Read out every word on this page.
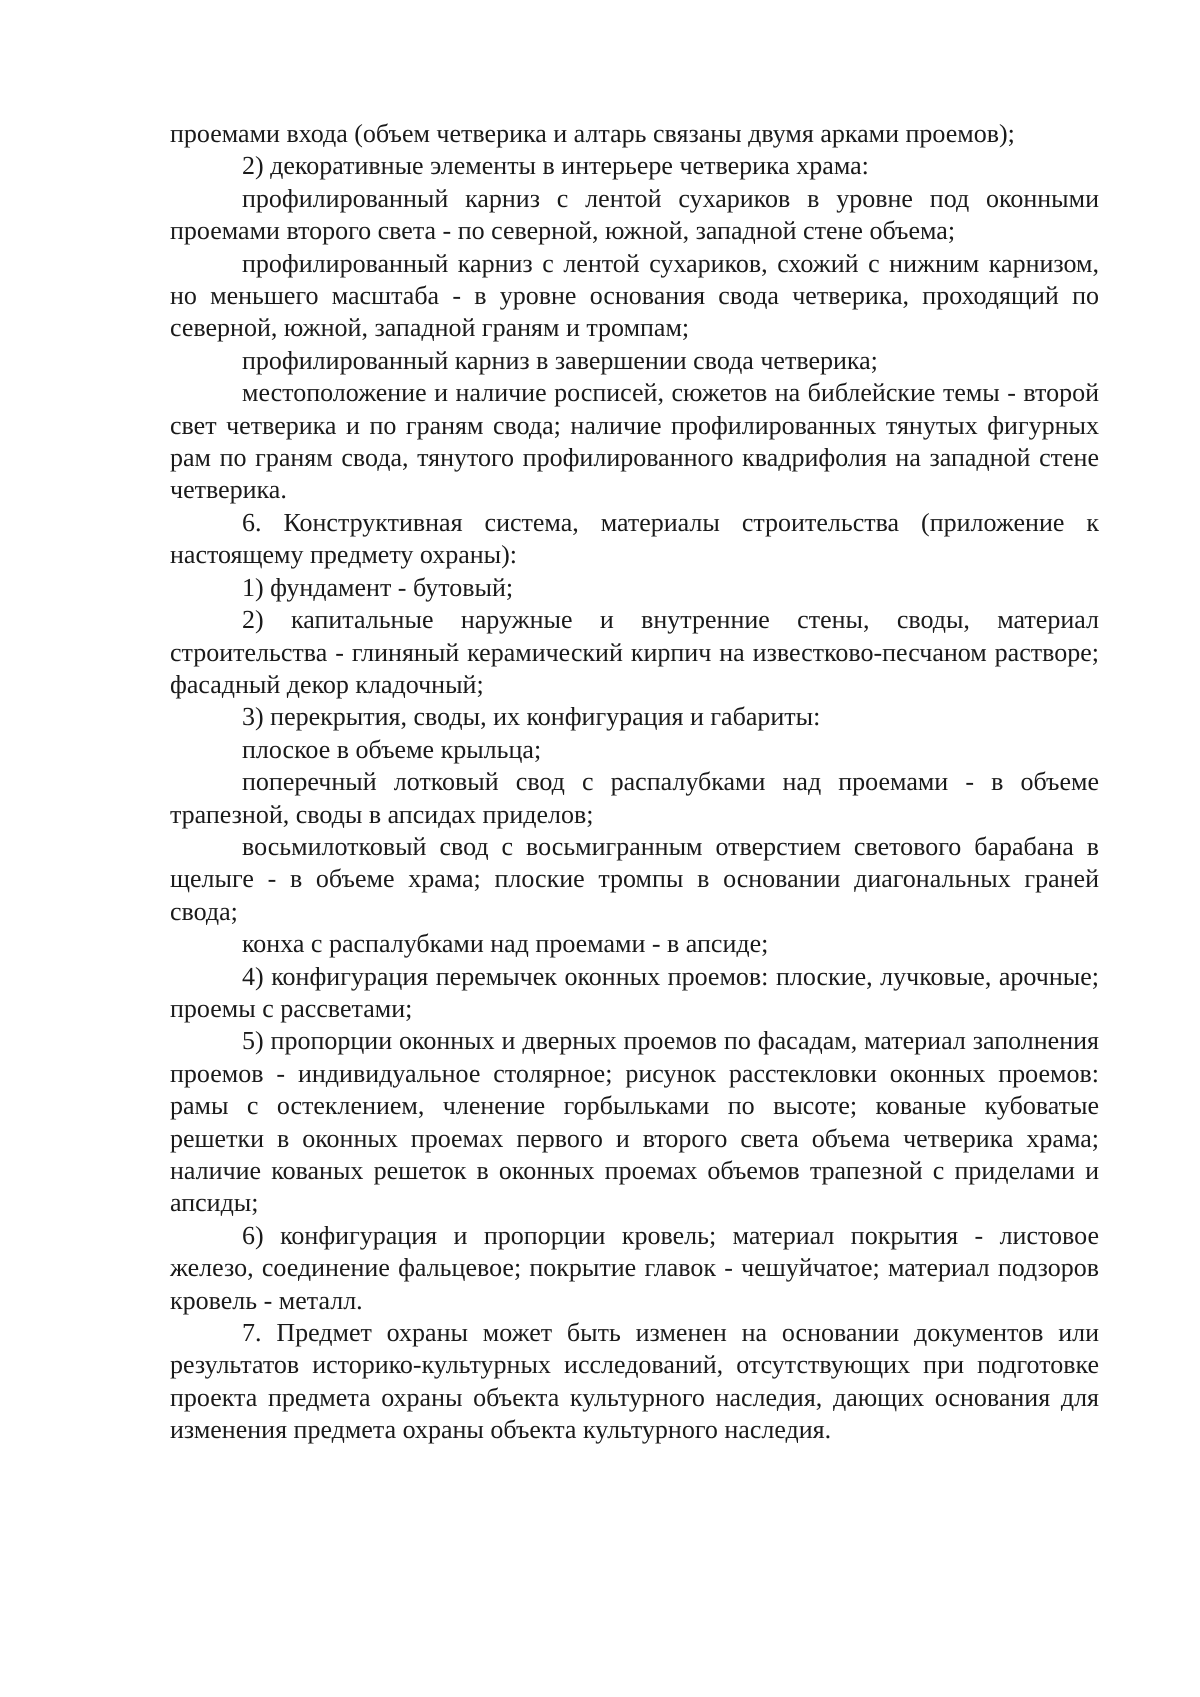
проемами входа (объем четверика и алтарь связаны двумя арками проемов);

2) декоративные элементы в интерьере четверика храма:

профилированный карниз с лентой сухариков в уровне под оконными проемами второго света - по северной, южной, западной стене объема;

профилированный карниз с лентой сухариков, схожий с нижним карнизом, но меньшего масштаба - в уровне основания свода четверика, проходящий по северной, южной, западной граням и тромпам;

профилированный карниз в завершении свода четверика;

местоположение и наличие росписей, сюжетов на библейские темы - второй свет четверика и по граням свода; наличие профилированных тянутых фигурных рам по граням свода, тянутого профилированного квадрифолия на западной стене четверика.

6. Конструктивная система, материалы строительства (приложение к настоящему предмету охраны):

1) фундамент - бутовый;

2) капитальные наружные и внутренние стены, своды, материал строительства - глиняный керамический кирпич на известково-песчаном растворе; фасадный декор кладочный;

3) перекрытия, своды, их конфигурация и габариты:

плоское в объеме крыльца;

поперечный лотковый свод с распалубками над проемами - в объеме трапезной, своды в апсидах приделов;

восьмилотковый свод с восьмигранным отверстием светового барабана в щелыге - в объеме храма; плоские тромпы в основании диагональных граней свода;

конха с распалубками над проемами - в апсиде;

4) конфигурация перемычек оконных проемов: плоские, лучковые, арочные; проемы с рассветами;

5) пропорции оконных и дверных проемов по фасадам, материал заполнения проемов - индивидуальное столярное; рисунок расстекловки оконных проемов: рамы с остеклением, членение горбыльками по высоте; кованые кубоватые решетки в оконных проемах первого и второго света объема четверика храма; наличие кованых решеток в оконных проемах объемов трапезной с приделами и апсиды;

6) конфигурация и пропорции кровель; материал покрытия - листовое железо, соединение фальцевое; покрытие главок - чешуйчатое; материал подзоров кровель - металл.

7. Предмет охраны может быть изменен на основании документов или результатов историко-культурных исследований, отсутствующих при подготовке проекта предмета охраны объекта культурного наследия, дающих основания для изменения предмета охраны объекта культурного наследия.
